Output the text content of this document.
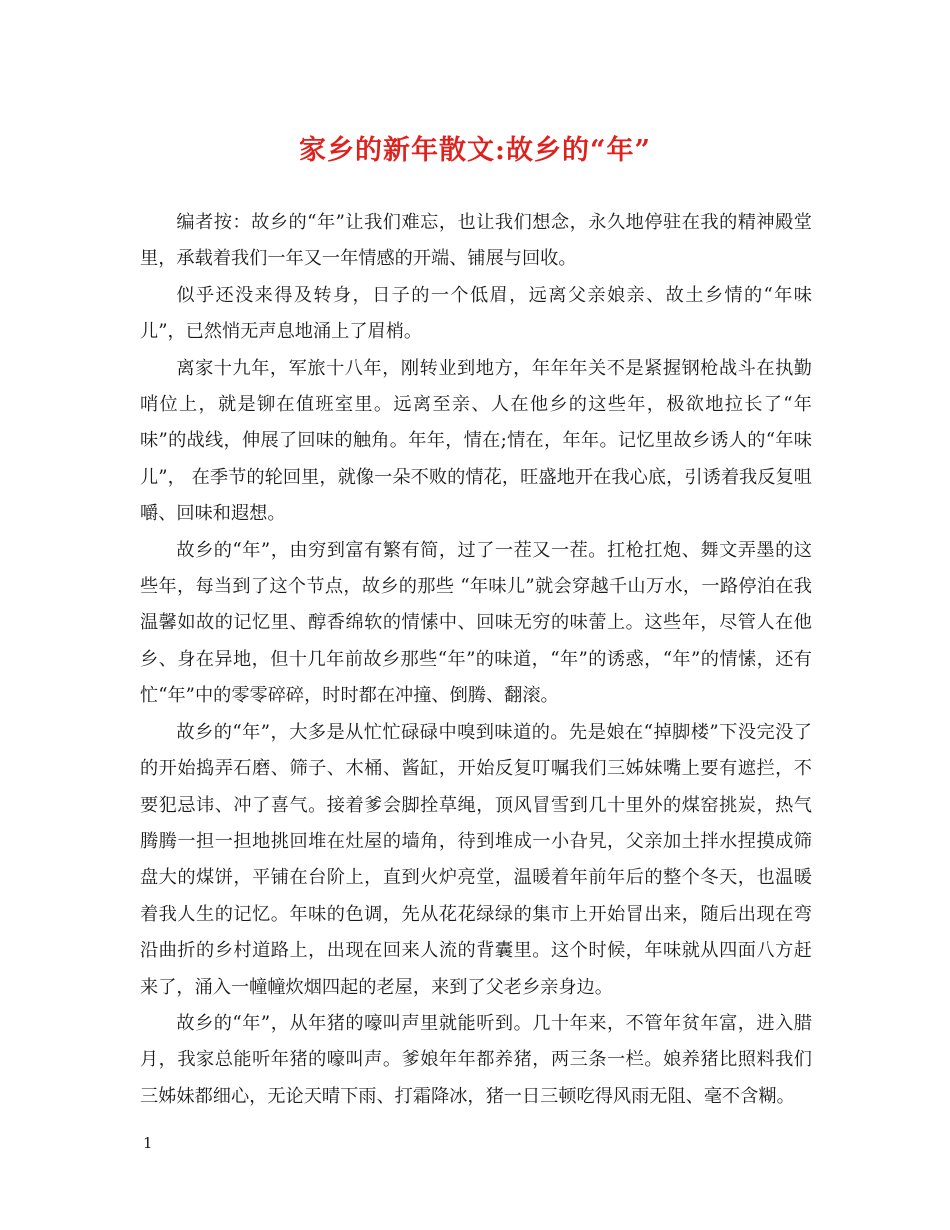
家乡的新年散文:故乡的“年”

编者按：故乡的“年”让我们难忘，也让我们想念，永久地停驻在我的精神殿堂里，承载着我们一年又一年情感的开端、铺展与回收。

似乎还没来得及转身，日子的一个低眉，远离父亲娘亲、故土乡情的“年味儿”，已然悄无声息地涌上了眉梢。

离家十九年，军旅十八年，刚转业到地方，年年年关不是紧握钢枪战斗在执勤哨位上，就是铆在值班室里。远离至亲、人在他乡的这些年，极欲地拉长了“年味”的战线，伸展了回味的触角。年年，情在;情在，年年。记忆里故乡诱人的“年味儿”， 在季节的轮回里，就像一朵不败的情花，旺盛地开在我心底，引诱着我反复咀嚼、回味和遐想。

故乡的“年”，由穷到富有繁有简，过了一茬又一茬。扛枪扛炮、舞文弄墨的这些年，每当到了这个节点，故乡的那些 “年味儿”就会穿越千山万水，一路停泊在我温馨如故的记忆里、醇香绵软的情愫中、回味无穷的味蕾上。这些年，尽管人在他乡、身在异地，但十几年前故乡那些“年”的味道，“年”的诱惑，“年”的情愫，还有忙“年”中的零零碎碎，时时都在冲撞、倒腾、翻滚。

故乡的“年”，大多是从忙忙碌碌中嗅到味道的。先是娘在“掉脚楼”下没完没了的开始捣弄石磨、筛子、木桶、酱缸，开始反复叮嘱我们三姊妹嘴上要有遮拦，不要犯忌讳、冲了喜气。接着爹会脚拴草绳，顶风冒雪到几十里外的煤窑挑炭，热气腾腾一担一担地挑回堆在灶屋的墙角，待到堆成一小旮旯，父亲加土拌水捏摸成筛盘大的煤饼，平铺在台阶上，直到火炉亮堂，温暖着年前年后的整个冬天，也温暖着我人生的记忆。年味的色调，先从花花绿绿的集市上开始冒出来，随后出现在弯沿曲折的乡村道路上，出现在回来人流的背囊里。这个时候，年味就从四面八方赶来了，涌入一幢幢炊烟四起的老屋，来到了父老乡亲身边。

故乡的“年”，从年猪的嚎叫声里就能听到。几十年来，不管年贫年富，进入腊月，我家总能听年猪的嚎叫声。爹娘年年都养猪，两三条一栏。娘养猪比照料我们三姊妹都细心，无论天晴下雨、打霜降冰，猪一日三顿吃得风雨无阻、毫不含糊。

1
